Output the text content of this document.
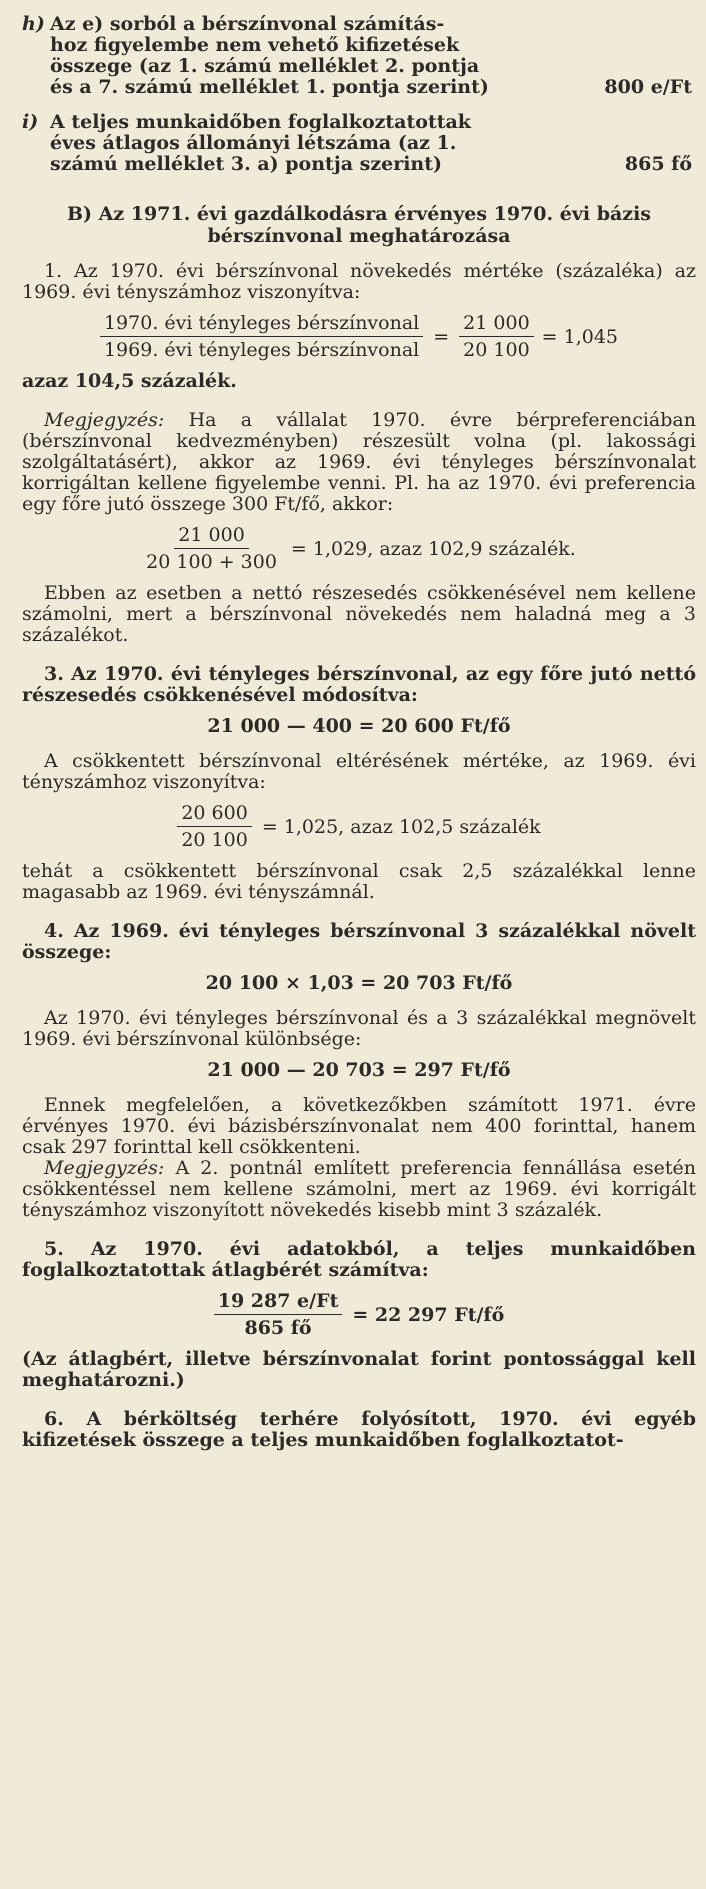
h) Az e) sorból a bérszínvonal számítás-

hoz figyelembe nem vehető kifizetések

összege (az 1. számú melléklet 2. pontja

és a 7. számú melléklet 1. pontja szerint)	800 e/Ft
i) A teljes munkaidőben foglalkoztatottak

éves átlagos állományi létszáma (az 1.

számú melléklet 3. a) pontja szerint)	865 fő

B) Az 1971. évi gazdálkodásra érvényes 1970. évi bázis

bérszínvonal meghatározása

1. Az 1970. évi bérszínvonal növekedés mértéke (százaléka) az 1969. évi tényszámhoz viszonyítva:

$\frac{\text{1970. évi tényleges bérszínvonal}}{\text{1969. évi tényleges bérszínvonal}} = \frac{21 000}{20 100} = 1,045$

azaz 104,5 százalék.

Megjegyzés: Ha a vállalat 1970. évre bérpreferenciában (bérszínvonal kedvezményben) részesült volna (pl. lakossági szolgáltatásért), akkor az 1969. évi tényleges bérszínvonalat korrigáltan kellene figyelembe venni. Pl. ha az 1970. évi preferencia egy főre jutó összege 300 Ft/fő, akkor:

$\frac{21 000}{20 100 + 300} = 1,029$, azaz 102,9 százalék.

Ebben az esetben a nettó részesedés csökkenésével nem kellene számolni, mert a bérszínvonal növekedés nem haladná meg a 3 százalékot.

3. Az 1970. évi tényleges bérszínvonal, az egy főre jutó nettó részesedés csökkenésével módosítva:

21 000 — 400 = 20 600 Ft/fő

A csökkentett bérszínvonal eltérésének mértéke, az 1969. évi tényszámhoz viszonyítva:

$\frac{20 600}{20 100} = 1,025$, azaz 102,5 százalék

tehát a csökkentett bérszínvonal csak 2,5 százalékkal lenne magasabb az 1969. évi tényszámnál.

4. Az 1969. évi tényleges bérszínvonal 3 százalékkal növelt összege:

20 100 × 1,03 = 20 703 Ft/fő

Az 1970. évi tényleges bérszínvonal és a 3 százalékkal megnövelt 1969. évi bérszínvonal különbsége:

21 000 — 20 703 = 297 Ft/fő

Ennek megfelelően, a következőkben számított 1971. évre érvényes 1970. évi bázisbérszínvonalat nem 400 forinttal, hanem csak 297 forinttal kell csökkenteni.

Megjegyzés: A 2. pontnál említett preferencia fennállása esetén csökkentéssel nem kellene számolni, mert az 1969. évi korrigált tényszámhoz viszonyított növekedés kisebb mint 3 százalék.

5. Az 1970. évi adatokból, a teljes munkaidőben foglalkoztatottak átlagbérét számítva:

$\frac{19 287 e/Ft}{865 fő} = 22$ 297 Ft/fő

(Az átlagbért, illetve bérszínvonalat forint pontossággal kell meghatározni.)

6. A bérköltség terhére folyósított, 1970. évi egyéb kifizetések összege a teljes munkaidőben foglalkoztatot-
